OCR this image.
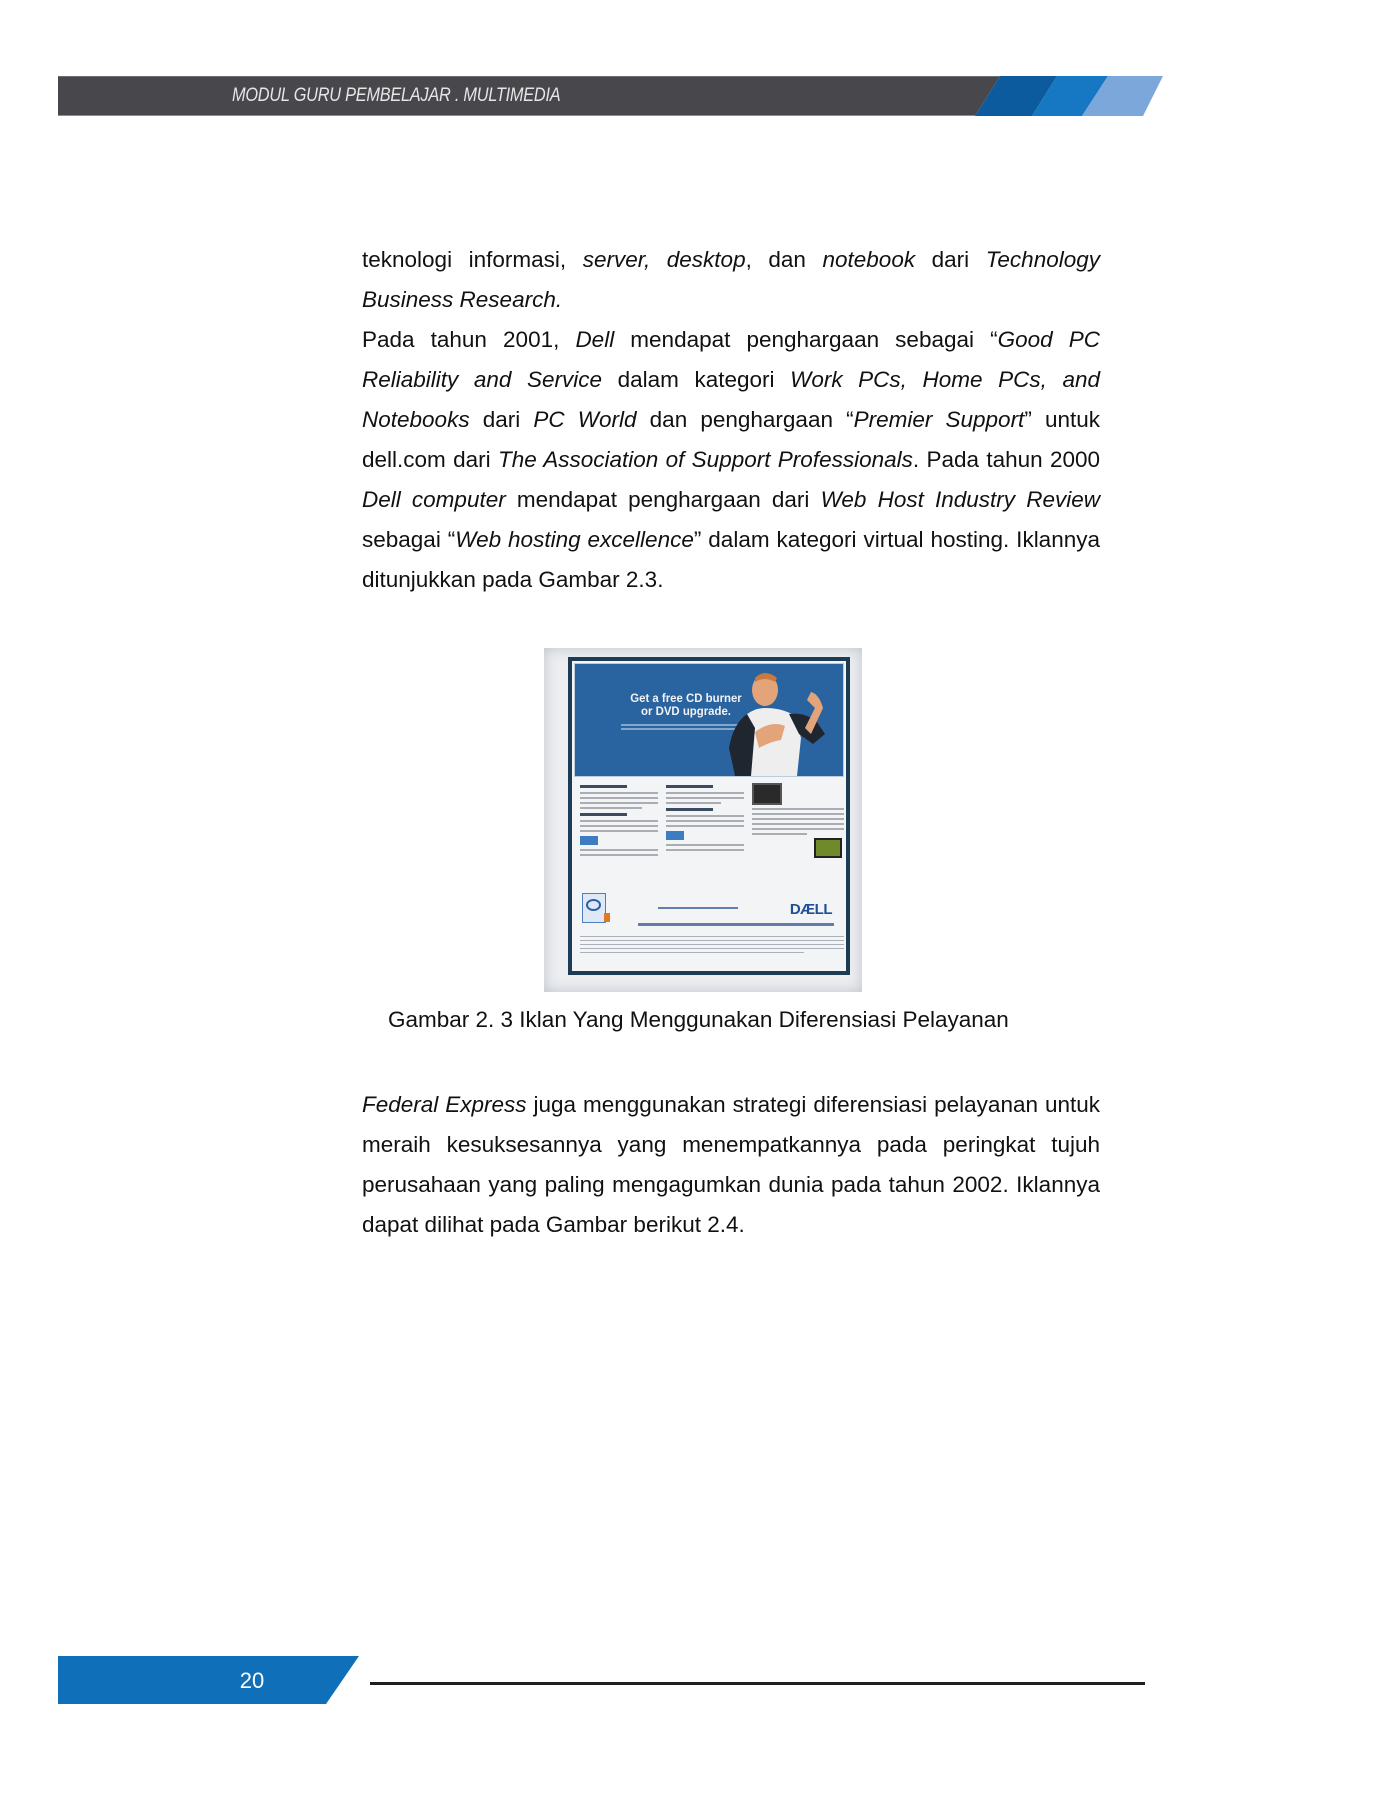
MODUL GURU PEMBELAJAR . MULTIMEDIA

teknologi informasi, server, desktop, dan notebook dari Technology Business Research.

Pada tahun 2001, Dell mendapat penghargaan sebagai “Good PC Reliability and Service dalam kategori Work PCs, Home PCs, and Notebooks dari PC World dan penghargaan “Premier Support” untuk dell.com dari The Association of Support Professionals. Pada tahun 2000 Dell computer mendapat penghargaan dari Web Host Industry Review sebagai “Web hosting excellence” dalam kategori virtual hosting. Iklannya ditunjukkan pada Gambar 2.3.

Get a free CD burner
or DVD upgrade.
DÆLL
Gambar 2. 3 Iklan Yang Menggunakan Diferensiasi Pelayanan

Federal Express juga menggunakan strategi diferensiasi pelayanan untuk meraih kesuksesannya yang menempatkannya pada peringkat tujuh perusahaan yang paling mengagumkan dunia pada tahun 2002. Iklannya dapat dilihat pada Gambar berikut 2.4.

20
